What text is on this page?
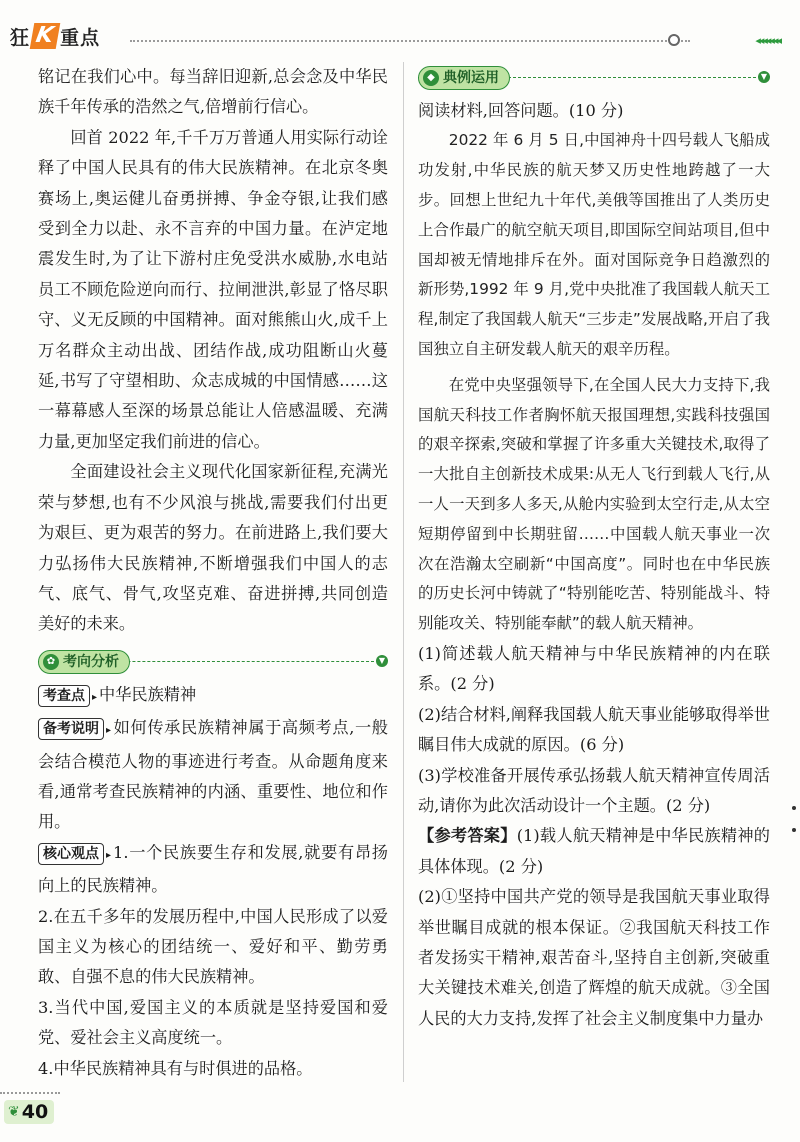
狂 K 重点	◂◂◂◂◂◂◂

铭记在我们心中。每当辞旧迎新,总会念及中华民族千年传承的浩然之气,倍增前行信心。

回首 2022 年,千千万万普通人用实际行动诠释了中国人民具有的伟大民族精神。在北京冬奥赛场上,奥运健儿奋勇拼搏、争金夺银,让我们感受到全力以赴、永不言弃的中国力量。在泸定地震发生时,为了让下游村庄免受洪水威胁,水电站员工不顾危险逆向而行、拉闸泄洪,彰显了恪尽职守、义无反顾的中国精神。面对熊熊山火,成千上万名群众主动出战、团结作战,成功阻断山火蔓延,书写了守望相助、众志成城的中国情感……这一幕幕感人至深的场景总能让人倍感温暖、充满力量,更加坚定我们前进的信心。

全面建设社会主义现代化国家新征程,充满光荣与梦想,也有不少风浪与挑战,需要我们付出更为艰巨、更为艰苦的努力。在前进路上,我们要大力弘扬伟大民族精神,不断增强我们中国人的志气、底气、骨气,攻坚克难、奋进拼搏,共同创造美好的未来。

✿ 考向分析	▼

考查点 ▸ 中华民族精神

备考说明 ▸ 如何传承民族精神属于高频考点,一般会结合模范人物的事迹进行考查。从命题角度来看,通常考查民族精神的内涵、重要性、地位和作用。

核心观点 ▸ 1.一个民族要生存和发展,就要有昂扬向上的民族精神。

2.在五千多年的发展历程中,中国人民形成了以爱国主义为核心的团结统一、爱好和平、勤劳勇敢、自强不息的伟大民族精神。

3.当代中国,爱国主义的本质就是坚持爱国和爱党、爱社会主义高度统一。

4.中华民族精神具有与时俱进的品格。

◆ 典例运用	▼

阅读材料,回答问题。(10 分)

2022 年 6 月 5 日,中国神舟十四号载人飞船成功发射,中华民族的航天梦又历史性地跨越了一大步。回想上世纪九十年代,美俄等国推出了人类历史上合作最广的航空航天项目,即国际空间站项目,但中国却被无情地排斥在外。面对国际竞争日趋激烈的新形势,1992 年 9 月,党中央批准了我国载人航天工程,制定了我国载人航天“三步走”发展战略,开启了我国独立自主研发载人航天的艰辛历程。

在党中央坚强领导下,在全国人民大力支持下,我国航天科技工作者胸怀航天报国理想,实践科技强国的艰辛探索,突破和掌握了许多重大关键技术,取得了一大批自主创新技术成果:从无人飞行到载人飞行,从一人一天到多人多天,从舱内实验到太空行走,从太空短期停留到中长期驻留……中国载人航天事业一次次在浩瀚太空刷新“中国高度”。同时也在中华民族的历史长河中铸就了“特别能吃苦、特别能战斗、特别能攻关、特别能奉献”的载人航天精神。

(1)简述载人航天精神与中华民族精神的内在联系。(2 分)

(2)结合材料,阐释我国载人航天事业能够取得举世瞩目伟大成就的原因。(6 分)

(3)学校准备开展传承弘扬载人航天精神宣传周活动,请你为此次活动设计一个主题。(2 分)

【参考答案】(1)载人航天精神是中华民族精神的具体体现。(2 分)

(2)①坚持中国共产党的领导是我国航天事业取得举世瞩目成就的根本保证。②我国航天科技工作者发扬实干精神,艰苦奋斗,坚持自主创新,突破重大关键技术难关,创造了辉煌的航天成就。③全国人民的大力支持,发挥了社会主义制度集中力量办

❦ 40
